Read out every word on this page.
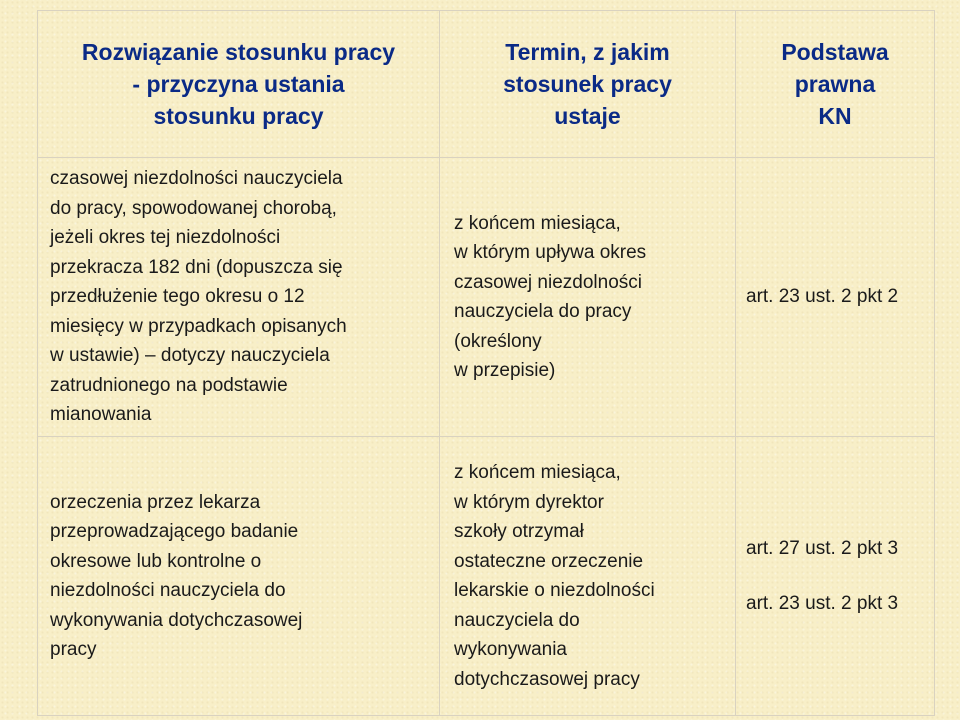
Rozwiązanie stosunku pracy
- przyczyna ustania
stosunku pracy
Termin, z jakim
stosunek pracy
ustaje
Podstawa
prawna
KN
czasowej niezdolności nauczyciela
do pracy, spowodowanej chorobą,
jeżeli okres tej niezdolności
przekracza 182 dni (dopuszcza się
przedłużenie tego okresu o 12
miesięcy w przypadkach opisanych
w ustawie) – dotyczy nauczyciela
zatrudnionego na podstawie
mianowania
z końcem miesiąca,
w którym upływa okres
czasowej niezdolności
nauczyciela do pracy
(określony
w przepisie)
art. 23 ust. 2 pkt 2
orzeczenia przez lekarza
przeprowadzającego badanie
okresowe lub kontrolne o
niezdolności nauczyciela do
wykonywania dotychczasowej
pracy
z końcem miesiąca,
w którym dyrektor
szkoły otrzymał
ostateczne orzeczenie
lekarskie o niezdolności
nauczyciela do
wykonywania
dotychczasowej pracy
art. 27 ust. 2 pkt 3
art. 23 ust. 2 pkt 3
